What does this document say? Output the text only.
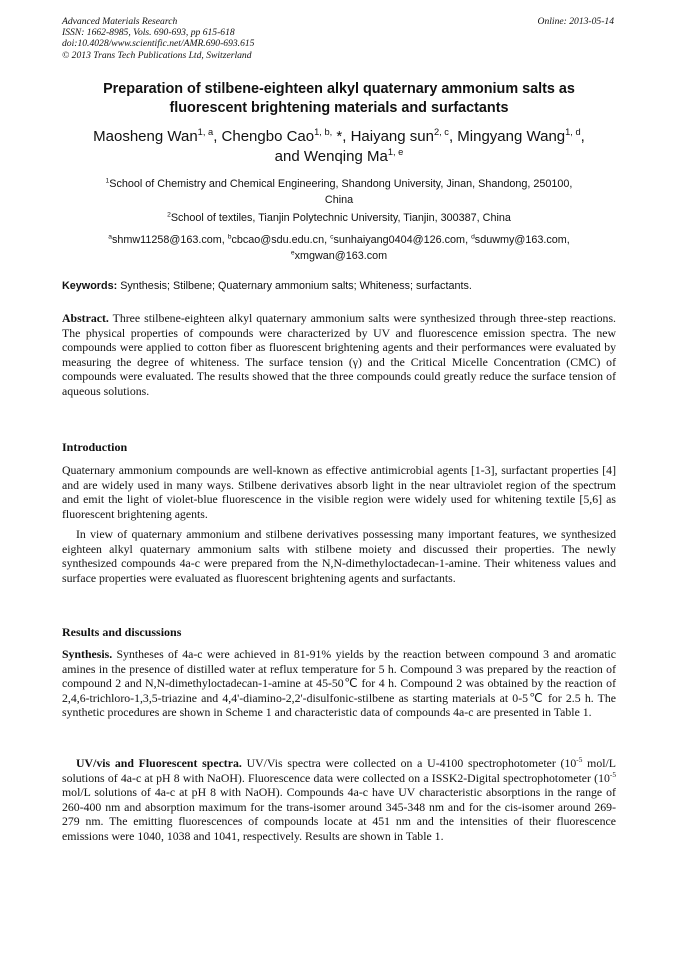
Advanced Materials Research
ISSN: 1662-8985, Vols. 690-693, pp 615-618
doi:10.4028/www.scientific.net/AMR.690-693.615
© 2013 Trans Tech Publications Ltd, Switzerland
Online: 2013-05-14
Preparation of stilbene-eighteen alkyl quaternary ammonium salts as
fluorescent brightening materials and surfactants
Maosheng Wan$^{1, a}$, Chengbo Cao$^{1, b,}$ *, Haiyang sun$^{2, c}$, Mingyang Wang$^{1, d}$,
and Wenqing Ma$^{1, e}$
$^1$School of Chemistry and Chemical Engineering, Shandong University, Jinan, Shandong, 250100,
China
$^2$School of textiles, Tianjin Polytechnic University, Tianjin, 300387, China
$^a$shmw11258@163.com, $^b$cbcao@sdu.edu.cn, $^c$sunhaiyang0404@126.com, $^d$sduwmy@163.com,
$^e$xmgwan@163.com
Keywords: Synthesis; Stilbene; Quaternary ammonium salts; Whiteness; surfactants.
Abstract. Three stilbene-eighteen alkyl quaternary ammonium salts were synthesized through three-step reactions. The physical properties of compounds were characterized by UV and fluorescence emission spectra. The new compounds were applied to cotton fiber as fluorescent brightening agents and their performances were evaluated by measuring the degree of whiteness. The surface tension (γ) and the Critical Micelle Concentration (CMC) of compounds were evaluated. The results showed that the three compounds could greatly reduce the surface tension of aqueous solutions.
Introduction
Quaternary ammonium compounds are well-known as effective antimicrobial agents [1-3], surfactant properties [4] and are widely used in many ways. Stilbene derivatives absorb light in the near ultraviolet region of the spectrum and emit the light of violet-blue fluorescence in the visible region were widely used for whitening textile [5,6] as fluorescent brightening agents.
In view of quaternary ammonium and stilbene derivatives possessing many important features, we synthesized eighteen alkyl quaternary ammonium salts with stilbene moiety and discussed their properties. The newly synthesized compounds 4a-c were prepared from the N,N-dimethyloctadecan-1-amine. Their whiteness values and surface properties were evaluated as fluorescent brightening agents and surfactants.
Results and discussions
Synthesis. Syntheses of 4a-c were achieved in 81-91% yields by the reaction between compound 3 and aromatic amines in the presence of distilled water at reflux temperature for 5 h. Compound 3 was prepared by the reaction of compound 2 and N,N-dimethyloctadecan-1-amine at 45-50℃ for 4 h. Compound 2 was obtained by the reaction of 2,4,6-trichloro-1,3,5-triazine and 4,4'-diamino-2,2'-disulfonic-stilbene as starting materials at 0-5℃ for 2.5 h. The synthetic procedures are shown in Scheme 1 and characteristic data of compounds 4a-c are presented in Table 1.
UV/vis and Fluorescent spectra. UV/Vis spectra were collected on a U-4100 spectrophotometer ($10^{-5}$ mol/L solutions of 4a-c at pH 8 with NaOH). Fluorescence data were collected on a ISSK2-Digital spectrophotometer ($10^{-5}$ mol/L solutions of 4a-c at pH 8 with NaOH). Compounds 4a-c have UV characteristic absorptions in the range of 260-400 nm and absorption maximum for the trans-isomer around 345-348 nm and for the cis-isomer around 269-279 nm. The emitting fluorescences of compounds locate at 451 nm and the intensities of their fluorescence emissions were 1040, 1038 and 1041, respectively. Results are shown in Table 1.
